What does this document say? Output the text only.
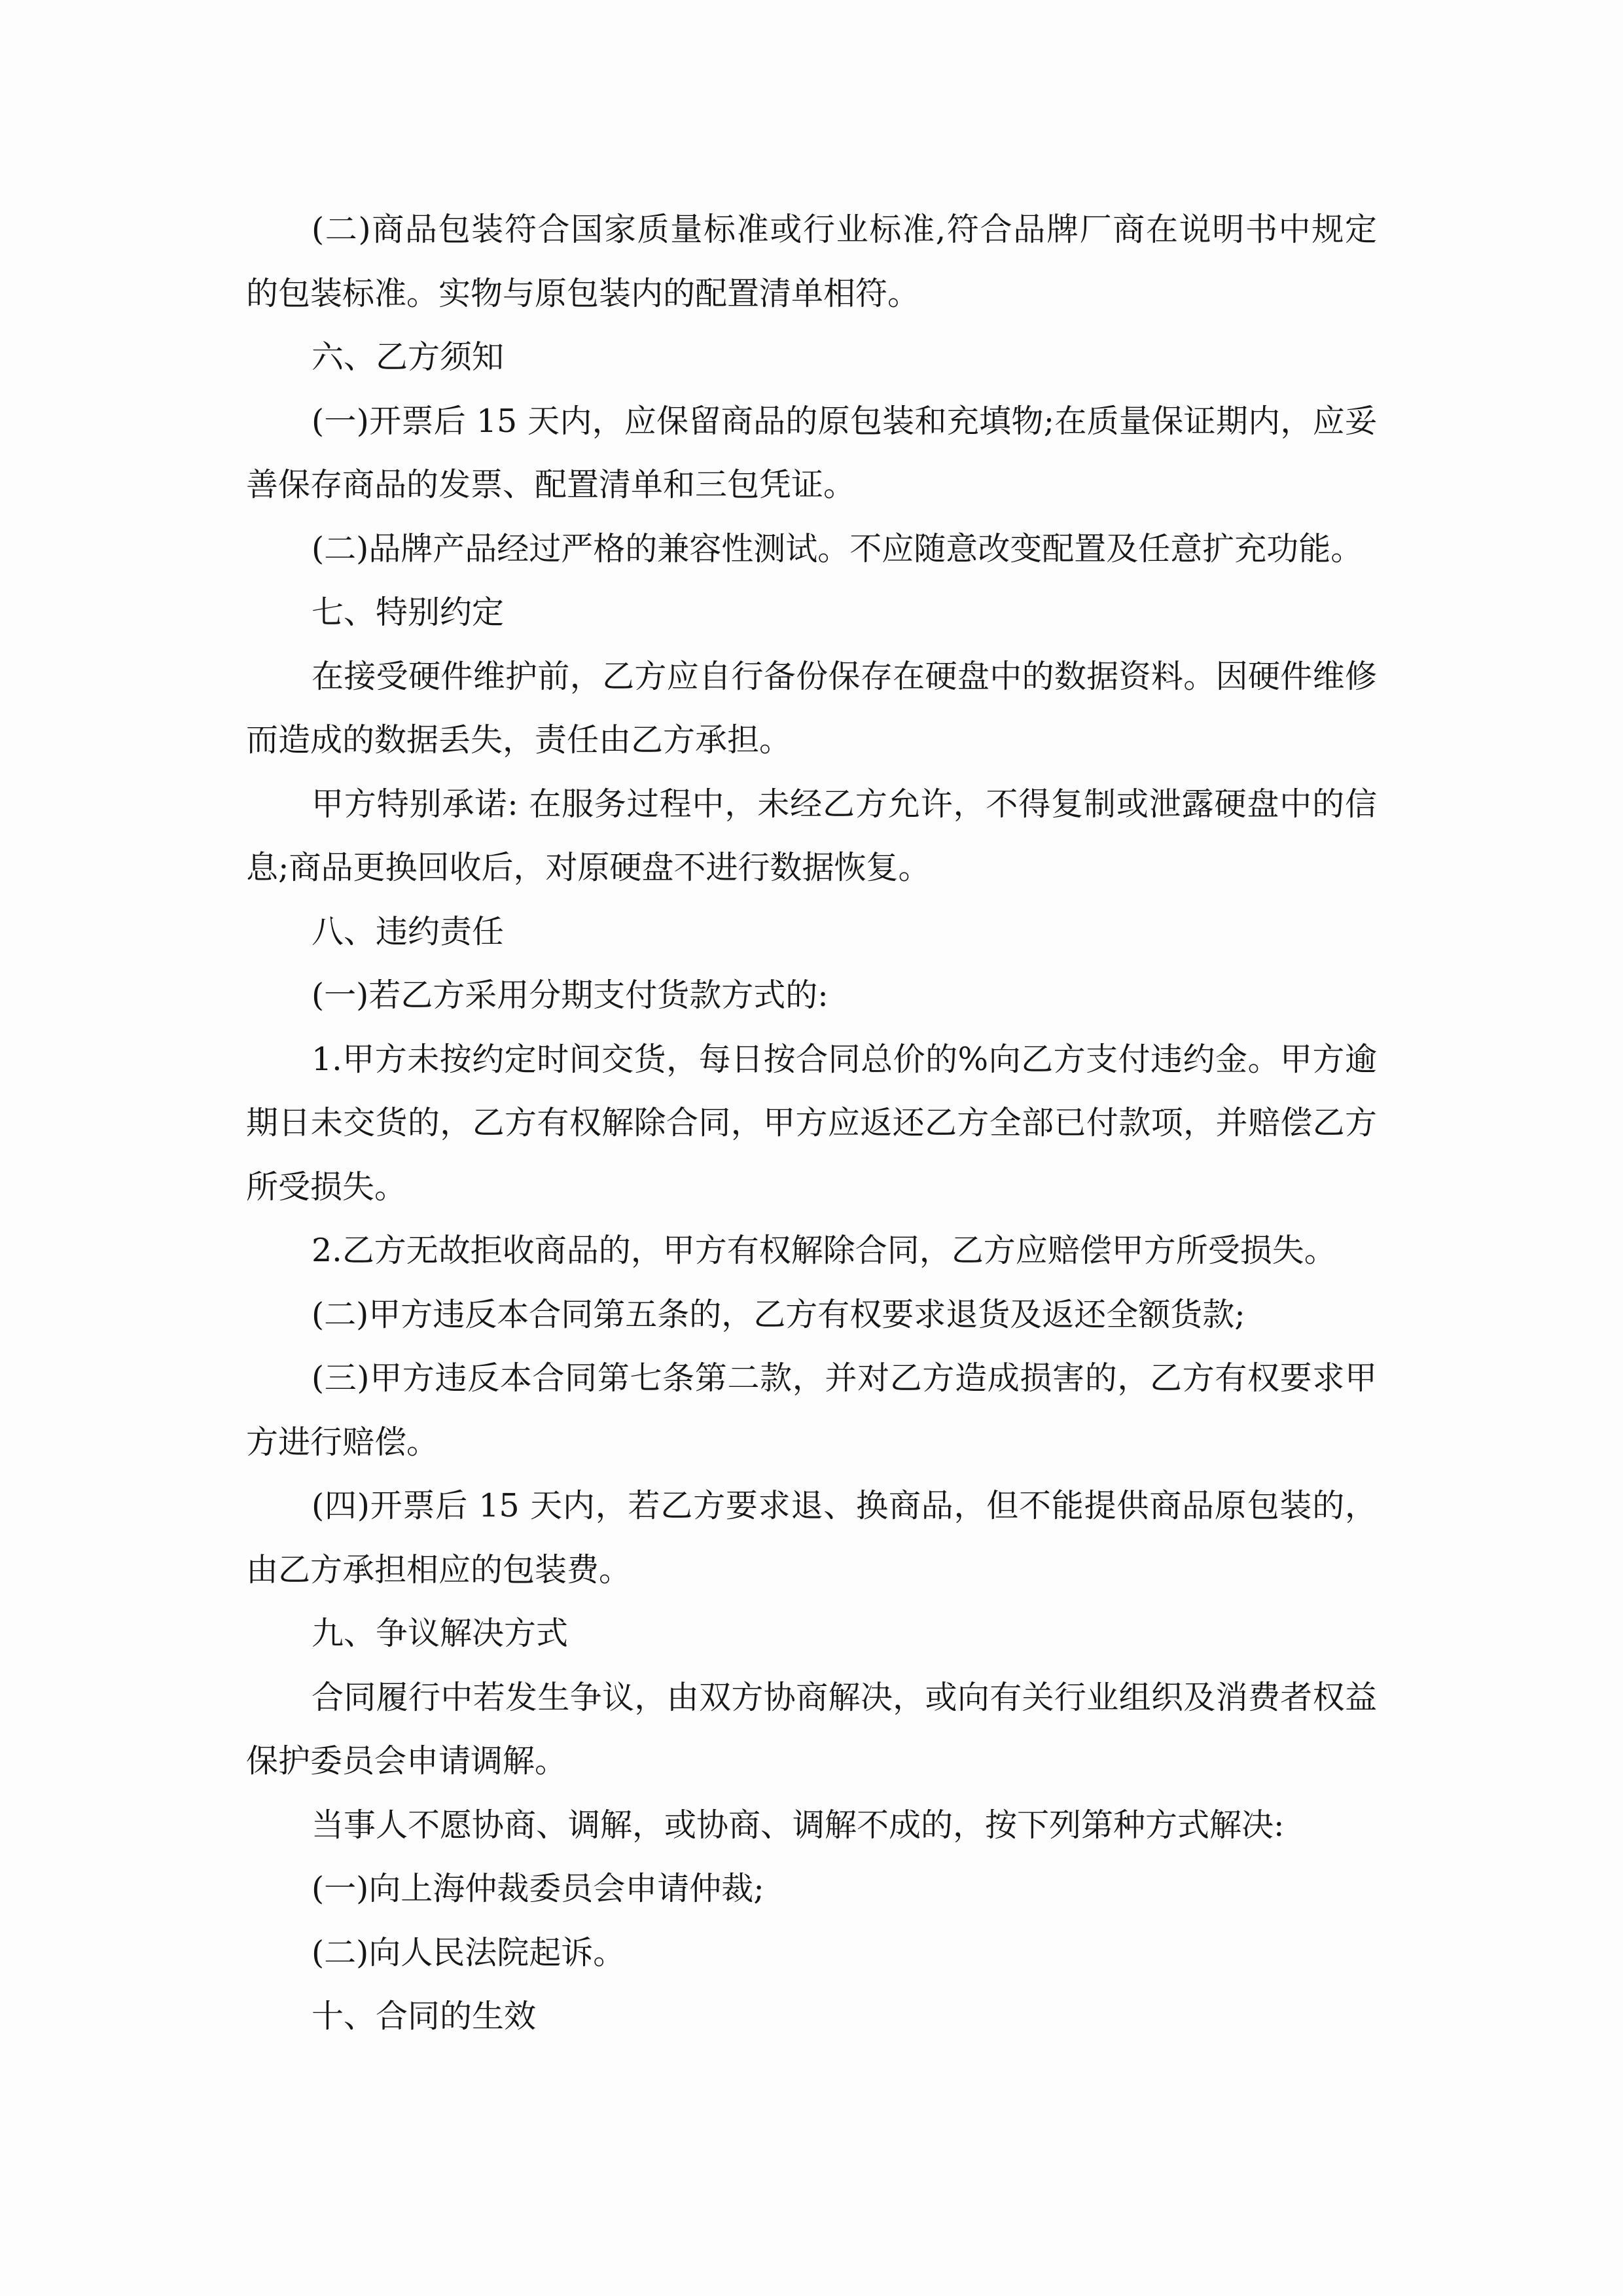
(二)商品包装符合国家质量标准或行业标准,符合品牌厂商在说明书中规定
的包装标准。实物与原包装内的配置清单相符。
六、乙方须知
(一)开票后 15 天内，应保留商品的原包装和充填物;在质量保证期内，应妥
善保存商品的发票、配置清单和三包凭证。
(二)品牌产品经过严格的兼容性测试。不应随意改变配置及任意扩充功能。
七、特别约定
在接受硬件维护前，乙方应自行备份保存在硬盘中的数据资料。因硬件维修
而造成的数据丢失，责任由乙方承担。
甲方特别承诺: 在服务过程中，未经乙方允许，不得复制或泄露硬盘中的信
息;商品更换回收后，对原硬盘不进行数据恢复。
八、违约责任
(一)若乙方采用分期支付货款方式的:
1.甲方未按约定时间交货，每日按合同总价的%向乙方支付违约金。甲方逾
期日未交货的，乙方有权解除合同，甲方应返还乙方全部已付款项，并赔偿乙方
所受损失。
2.乙方无故拒收商品的，甲方有权解除合同，乙方应赔偿甲方所受损失。
(二)甲方违反本合同第五条的，乙方有权要求退货及返还全额货款;
(三)甲方违反本合同第七条第二款，并对乙方造成损害的，乙方有权要求甲
方进行赔偿。
(四)开票后 15 天内，若乙方要求退、换商品，但不能提供商品原包装的，
由乙方承担相应的包装费。
九、争议解决方式
合同履行中若发生争议，由双方协商解决，或向有关行业组织及消费者权益
保护委员会申请调解。
当事人不愿协商、调解，或协商、调解不成的，按下列第种方式解决:
(一)向上海仲裁委员会申请仲裁;
(二)向人民法院起诉。
十、合同的生效
